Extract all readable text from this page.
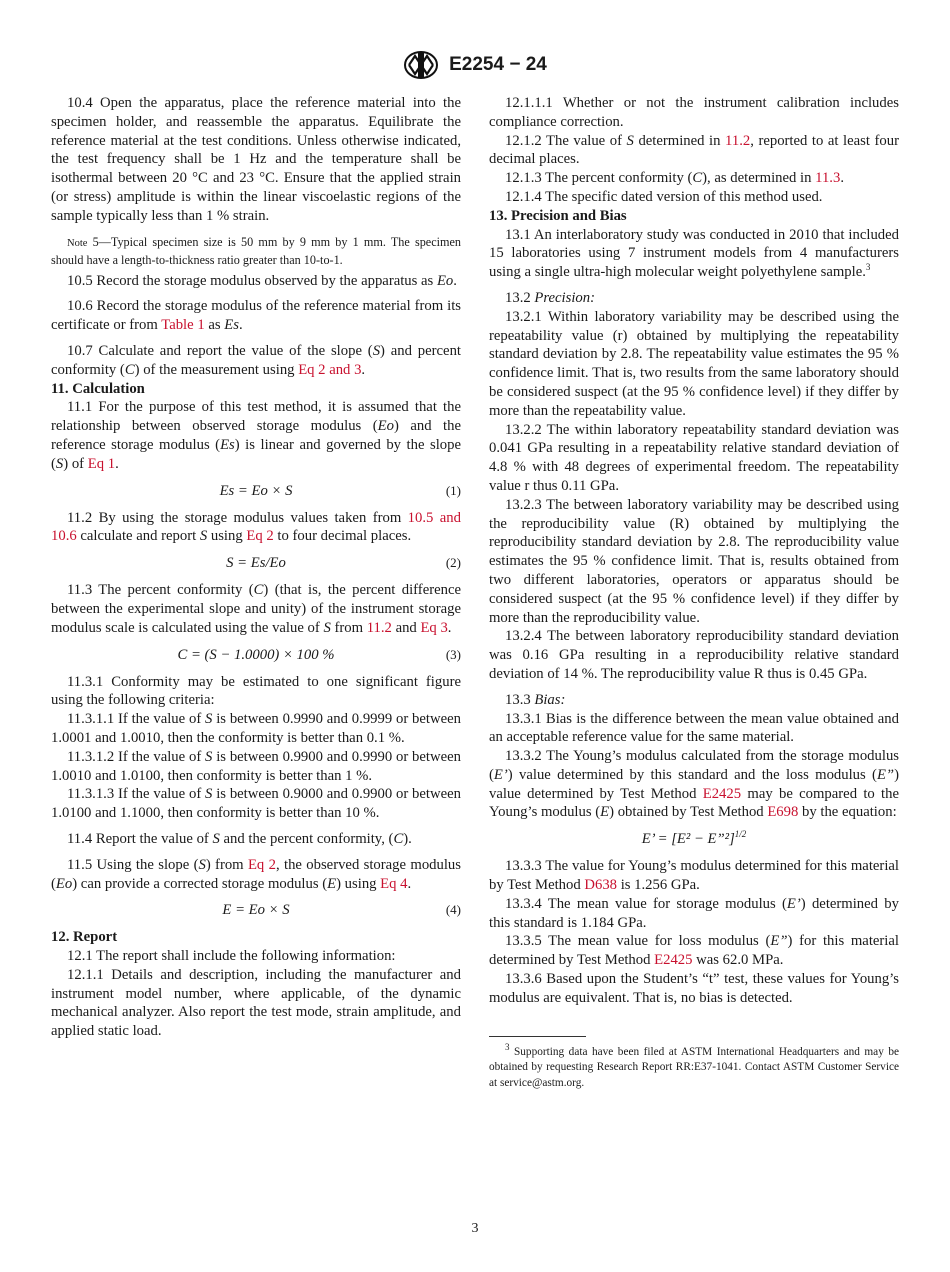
E2254 − 24

10.4 Open the apparatus, place the reference material into the specimen holder, and reassemble the apparatus. Equilibrate the reference material at the test conditions. Unless otherwise indicated, the test frequency shall be 1 Hz and the temperature shall be isothermal between 20 °C and 23 °C. Ensure that the applied strain (or stress) amplitude is within the linear viscoelastic regions of the sample typically less than 1 % strain.

Note 5—Typical specimen size is 50 mm by 9 mm by 1 mm. The specimen should have a length-to-thickness ratio greater than 10-to-1.

10.5 Record the storage modulus observed by the apparatus as Eo.

10.6 Record the storage modulus of the reference material from its certificate or from Table 1 as Es.

10.7 Calculate and report the value of the slope (S) and percent conformity (C) of the measurement using Eq 2 and 3.

11. Calculation

11.1 For the purpose of this test method, it is assumed that the relationship between observed storage modulus (Eo) and the reference storage modulus (Es) is linear and governed by the slope (S) of Eq 1.

Es = Eo × S	(1)

11.2 By using the storage modulus values taken from 10.5 and 10.6 calculate and report S using Eq 2 to four decimal places.

S = Es/Eo	(2)

11.3 The percent conformity (C) (that is, the percent difference between the experimental slope and unity) of the instrument storage modulus scale is calculated using the value of S from 11.2 and Eq 3.

C = (S − 1.0000) × 100 %	(3)

11.3.1 Conformity may be estimated to one significant figure using the following criteria:

11.3.1.1 If the value of S is between 0.9990 and 0.9999 or between 1.0001 and 1.0010, then the conformity is better than 0.1 %.

11.3.1.2 If the value of S is between 0.9900 and 0.9990 or between 1.0010 and 1.0100, then conformity is better than 1 %.

11.3.1.3 If the value of S is between 0.9000 and 0.9900 or between 1.0100 and 1.1000, then conformity is better than 10 %.

11.4 Report the value of S and the percent conformity, (C).

11.5 Using the slope (S) from Eq 2, the observed storage modulus (Eo) can provide a corrected storage modulus (E) using Eq 4.

E = Eo × S	(4)

12. Report

12.1 The report shall include the following information:

12.1.1 Details and description, including the manufacturer and instrument model number, where applicable, of the dynamic mechanical analyzer. Also report the test mode, strain amplitude, and applied static load.

12.1.1.1 Whether or not the instrument calibration includes compliance correction.

12.1.2 The value of S determined in 11.2, reported to at least four decimal places.

12.1.3 The percent conformity (C), as determined in 11.3.

12.1.4 The specific dated version of this method used.

13. Precision and Bias

13.1 An interlaboratory study was conducted in 2010 that included 15 laboratories using 7 instrument models from 4 manufacturers using a single ultra-high molecular weight polyethylene sample.$^3$

13.2 Precision:

13.2.1 Within laboratory variability may be described using the repeatability value (r) obtained by multiplying the repeatability standard deviation by 2.8. The repeatability value estimates the 95 % confidence limit. That is, two results from the same laboratory should be considered suspect (at the 95 % confidence level) if they differ by more than the repeatability value.

13.2.2 The within laboratory repeatability standard deviation was 0.041 GPa resulting in a repeatability relative standard deviation of 4.8 % with 48 degrees of experimental freedom. The repeatability value r thus 0.11 GPa.

13.2.3 The between laboratory variability may be described using the reproducibility value (R) obtained by multiplying the reproducibility standard deviation by 2.8. The reproducibility value estimates the 95 % confidence limit. That is, results obtained from two different laboratories, operators or apparatus should be considered suspect (at the 95 % confidence level) if they differ by more than the reproducibility value.

13.2.4 The between laboratory reproducibility standard deviation was 0.16 GPa resulting in a reproducibility relative standard deviation of 14 %. The reproducibility value R thus is 0.45 GPa.

13.3 Bias:

13.3.1 Bias is the difference between the mean value obtained and an acceptable reference value for the same material.

13.3.2 The Young’s modulus calculated from the storage modulus (E’) value determined by this standard and the loss modulus (E”) value determined by Test Method E2425 may be compared to the Young’s modulus (E) obtained by Test Method E698 by the equation:

E’ = [E² − E”²]$^{1/2}$

13.3.3 The value for Young’s modulus determined for this material by Test Method D638 is 1.256 GPa.

13.3.4 The mean value for storage modulus (E’) determined by this standard is 1.184 GPa.

13.3.5 The mean value for loss modulus (E”) for this material determined by Test Method E2425 was 62.0 MPa.

13.3.6 Based upon the Student’s “t” test, these values for Young’s modulus are equivalent. That is, no bias is detected.

$^3$ Supporting data have been filed at ASTM International Headquarters and may be obtained by requesting Research Report RR:E37-1041. Contact ASTM Customer Service at service@astm.org.

3
